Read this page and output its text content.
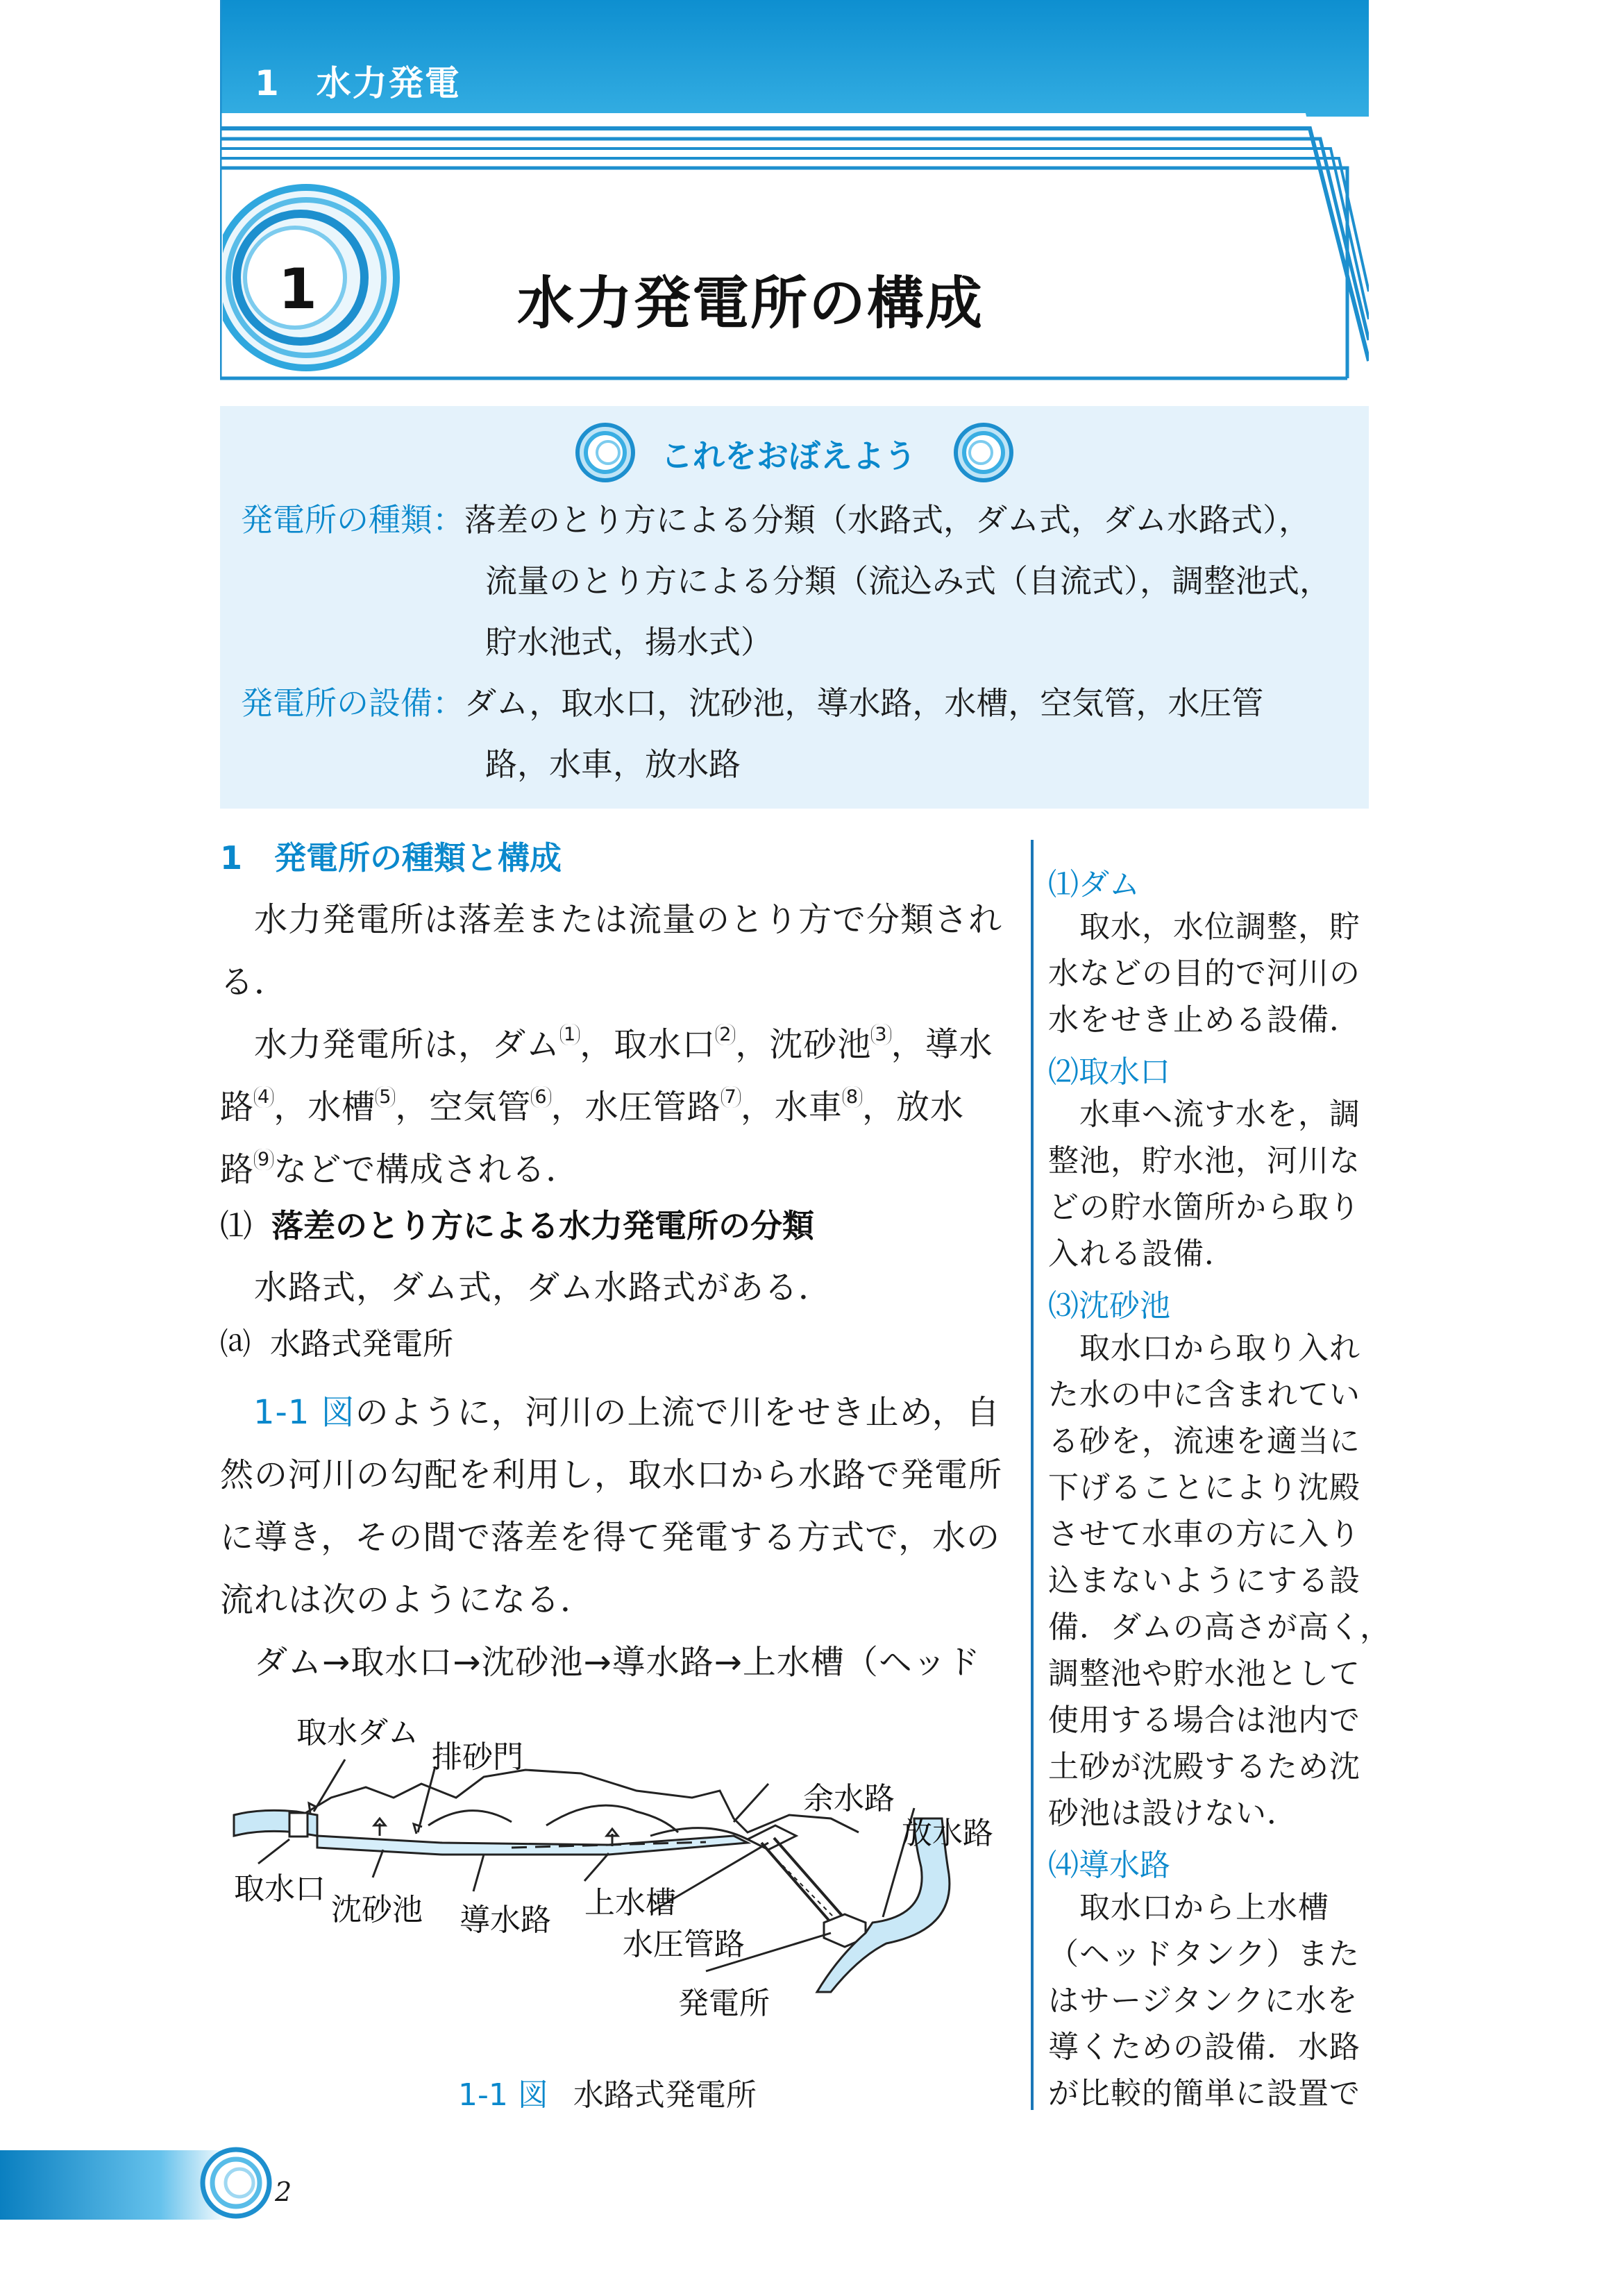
1　水力発電
1	水力発電所の構成
これをおぼえよう
発電所の種類：落差のとり方による分類（水路式，ダム式，ダム水路式），
流量のとり方による分類（流込み式（自流式），調整池式，
貯水池式，揚水式）
発電所の設備：ダム，取水口，沈砂池，導水路，水槽，空気管，水圧管
路，水車，放水路
1　発電所の種類と構成
　水力発電所は落差または流量のとり方で分類され
る．
　水力発電所は，ダム $^1$ ，取水口 $^2$ ，沈砂池 $^3$ ，導水
路 $^4$ ，水槽 $^5$ ，空気管 $^6$ ，水圧管路 $^7$ ，水車 $^8$ ，放水
路 $^9$ などで構成される．
⑴ 落差のとり方による水力発電所の分類
　水路式，ダム式，ダム水路式がある．
⒜ 水路式発電所
1-1 図のように，河川の上流で川をせき止め，自
然の河川の勾配を利用し，取水口から水路で発電所
に導き，その間で落差を得て発電する方式で，水の
流れは次のようになる．
　ダム→取水口→沈砂池→導水路→上水槽（ヘッド
⑴ダム
　取水，水位調整，貯
水などの目的で河川の
水をせき止める設備．
⑵取水口
　水車へ流す水を，調
整池，貯水池，河川な
どの貯水箇所から取り
入れる設備．
⑶沈砂池
　取水口から取り入れ
た水の中に含まれてい
る砂を，流速を適当に
下げることにより沈殿
させて水車の方に入り
込まないようにする設
備．ダムの高さが高く，
調整池や貯水池として
使用する場合は池内で
土砂が沈殿するため沈
砂池は設けない．
⑷導水路
　取水口から上水槽
（ヘッドタンク）また
はサージタンクに水を
導くための設備．水路
が比較的簡単に設置で
取水ダム
排砂門
余水路
放水路
取水口
沈砂池 導水路 上水槽
水圧管路
発電所
1-1 図 水路式発電所
2
